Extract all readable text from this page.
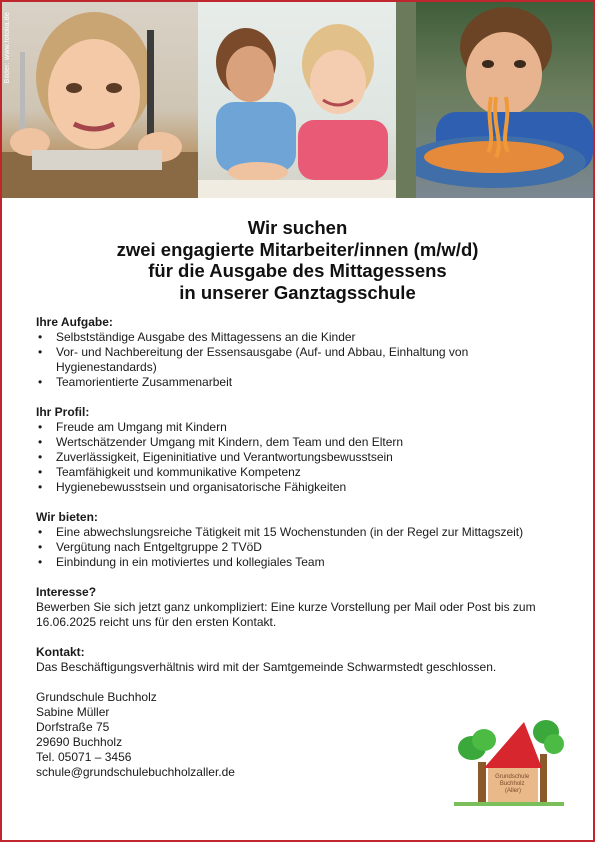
Bilder: www.fotolia.de
Wir suchen
zwei engagierte Mitarbeiter/innen (m/w/d)
für die Ausgabe des Mittagessens
in unserer Ganztagsschule
Ihre Aufgabe:
• Selbstständige Ausgabe des Mittagessens an die Kinder
• Vor- und Nachbereitung der Essensausgabe (Auf- und Abbau, Einhaltung von Hygienestandards)
• Teamorientierte Zusammenarbeit
Ihr Profil:
• Freude am Umgang mit Kindern
• Wertschätzender Umgang mit Kindern, dem Team und den Eltern
• Zuverlässigkeit, Eigeninitiative und Verantwortungsbewusstsein
• Teamfähigkeit und kommunikative Kompetenz
• Hygienebewusstsein und organisatorische Fähigkeiten
Wir bieten:
• Eine abwechslungsreiche Tätigkeit mit 15 Wochenstunden (in der Regel zur Mittagszeit)
• Vergütung nach Entgeltgruppe 2 TVöD
• Einbindung in ein motiviertes und kollegiales Team
Interesse?
Bewerben Sie sich jetzt ganz unkompliziert: Eine kurze Vorstellung per Mail oder Post bis zum 16.06.2025 reicht uns für den ersten Kontakt.
Kontakt:
Das Beschäftigungsverhältnis wird mit der Samtgemeinde Schwarmstedt geschlossen.
Grundschule Buchholz
Sabine Müller
Dorfstraße 75
29690 Buchholz
Tel. 05071 – 3456
schule@grundschulebuchholzaller.de	Grundschule Buchholz (Aller)
